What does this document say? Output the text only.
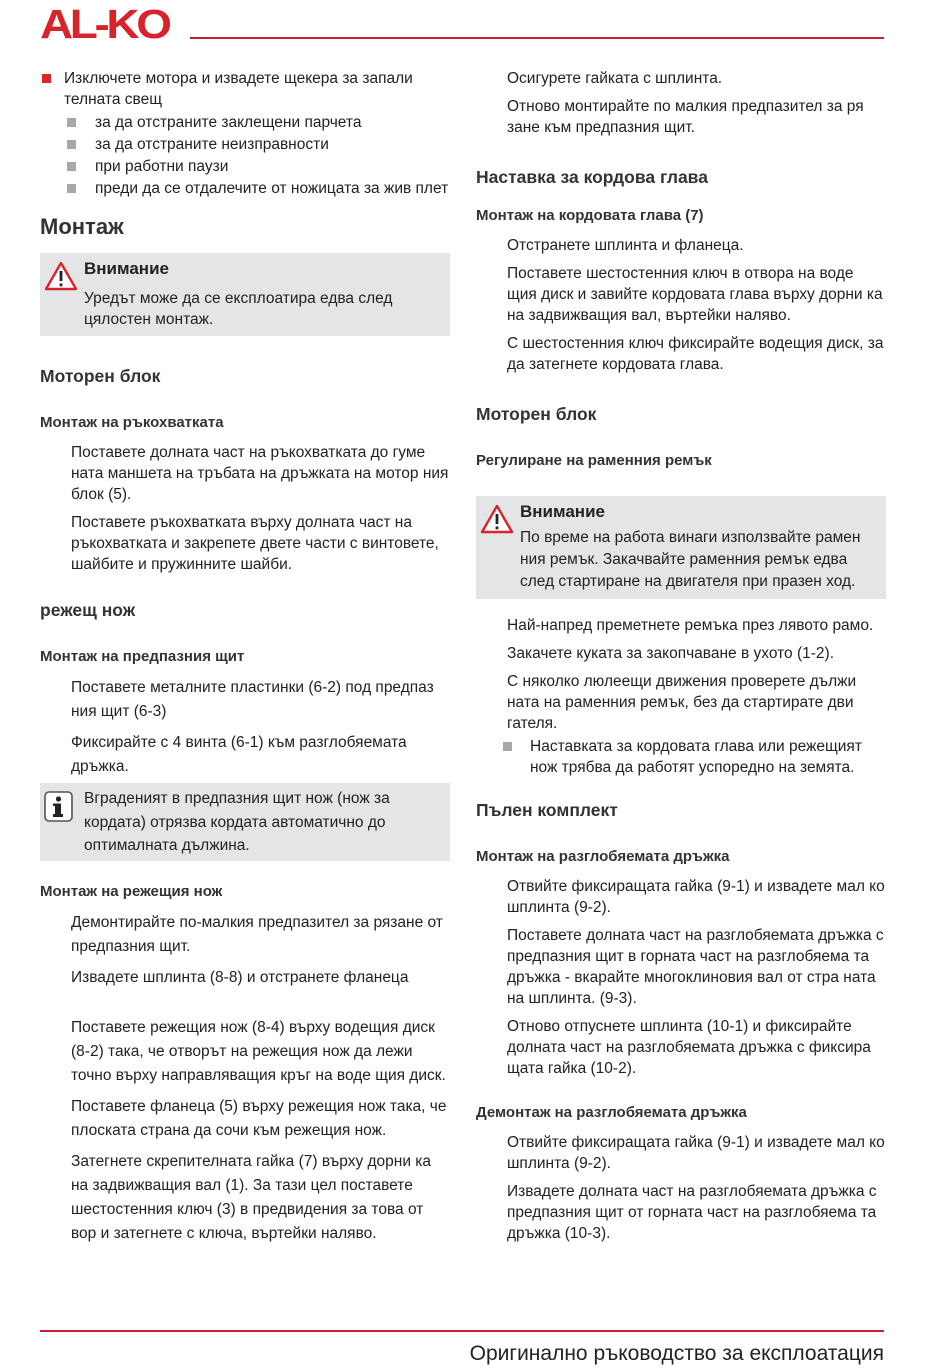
AL-KO
Изключете мотора и извадете щекера за запали телната свещ
за да отстраните заклещени парчета
за да отстраните неизправности
при работни паузи
преди да се отдалечите от ножицата за жив плет
Монтаж
Внимание

Уредът може да се експлоатира едва след цялостен монтаж.

Моторен блок
Монтаж на ръкохватката

Поставете долната част на ръкохватката до гуме ната маншета на тръбата на дръжката на мотор ния блок (5).

Поставете ръкохватката върху долната част на ръкохватката и закрепете двете части с винтовете, шайбите и пружинните шайби.

режещ нож
Монтаж на предпазния щит

Поставете металните пластинки (6-2) под предпаз ния щит (6-3)

Фиксирайте с 4 винта (6-1) към разглобяемата дръжка.

Вграденият в предпазния щит нож (нож за кордата) отрязва кордата автоматично до оптималната дължина.

Монтаж на режещия нож

Демонтирайте по-малкия предпазител за рязане от предпазния щит.

Извадете шплинта (8-8) и отстранете фланеца

Поставете режещия нож (8-4) върху водещия диск (8-2) така, че отворът на режещия нож да лежи точно върху направляващия кръг на воде щия диск.

Поставете фланеца (5) върху режещия нож така, че плоската страна да сочи към режещия нож.

Затегнете скрепителната гайка (7) върху дорни ка на задвижващия вал (1). За тази цел поставете шестостенния ключ (3) в предвидения за това от вор и затегнете с ключа, въртейки наляво.

Осигурете гайката с шплинта.

Отново монтирайте по малкия предпазител за ря зане към предпазния щит.

Наставка за кордова глава
Монтаж на кордовата глава (7)

Отстранете шплинта и фланеца.

Поставете шестостенния ключ в отвора на воде щия диск и завийте кордовата глава върху дорни ка на задвижващия вал, въртейки наляво.

С шестостенния ключ фиксирайте водещия диск, за да затегнете кордовата глава.

Моторен блок
Регулиране на раменния ремък
Внимание

По време на работа винаги използвайте рамен ния ремък. Закачвайте раменния ремък едва след стартиране на двигателя при празен ход.

Най-напред преметнете ремъка през лявото рамо.

Закачете куката за закопчаване в ухото (1-2).

С няколко люлеещи движения проверете дължи ната на раменния ремък, без да стартирате дви гателя.

Наставката за кордовата глава или режещият нож трябва да работят успоредно на земята.
Пълен комплект
Монтаж на разглобяемата дръжка

Отвийте фиксиращата гайка (9-1) и извадете мал ко шплинта (9-2).

Поставете долната част на разглобяемата дръжка с предпазния щит в горната част на разглобяема та дръжка - вкарайте многоклиновия вал от стра ната на шплинта. (9-3).

Отново отпуснете шплинта (10-1) и фиксирайте долната част на разглобяемата дръжка с фиксира щата гайка (10-2).

Демонтаж на разглобяемата дръжка

Отвийте фиксиращата гайка (9-1) и извадете мал ко шплинта (9-2).

Извадете долната част на разглобяемата дръжка с предпазния щит от горната част на разглобяема та дръжка (10-3).

Оригинално ръководство за експлоатация
